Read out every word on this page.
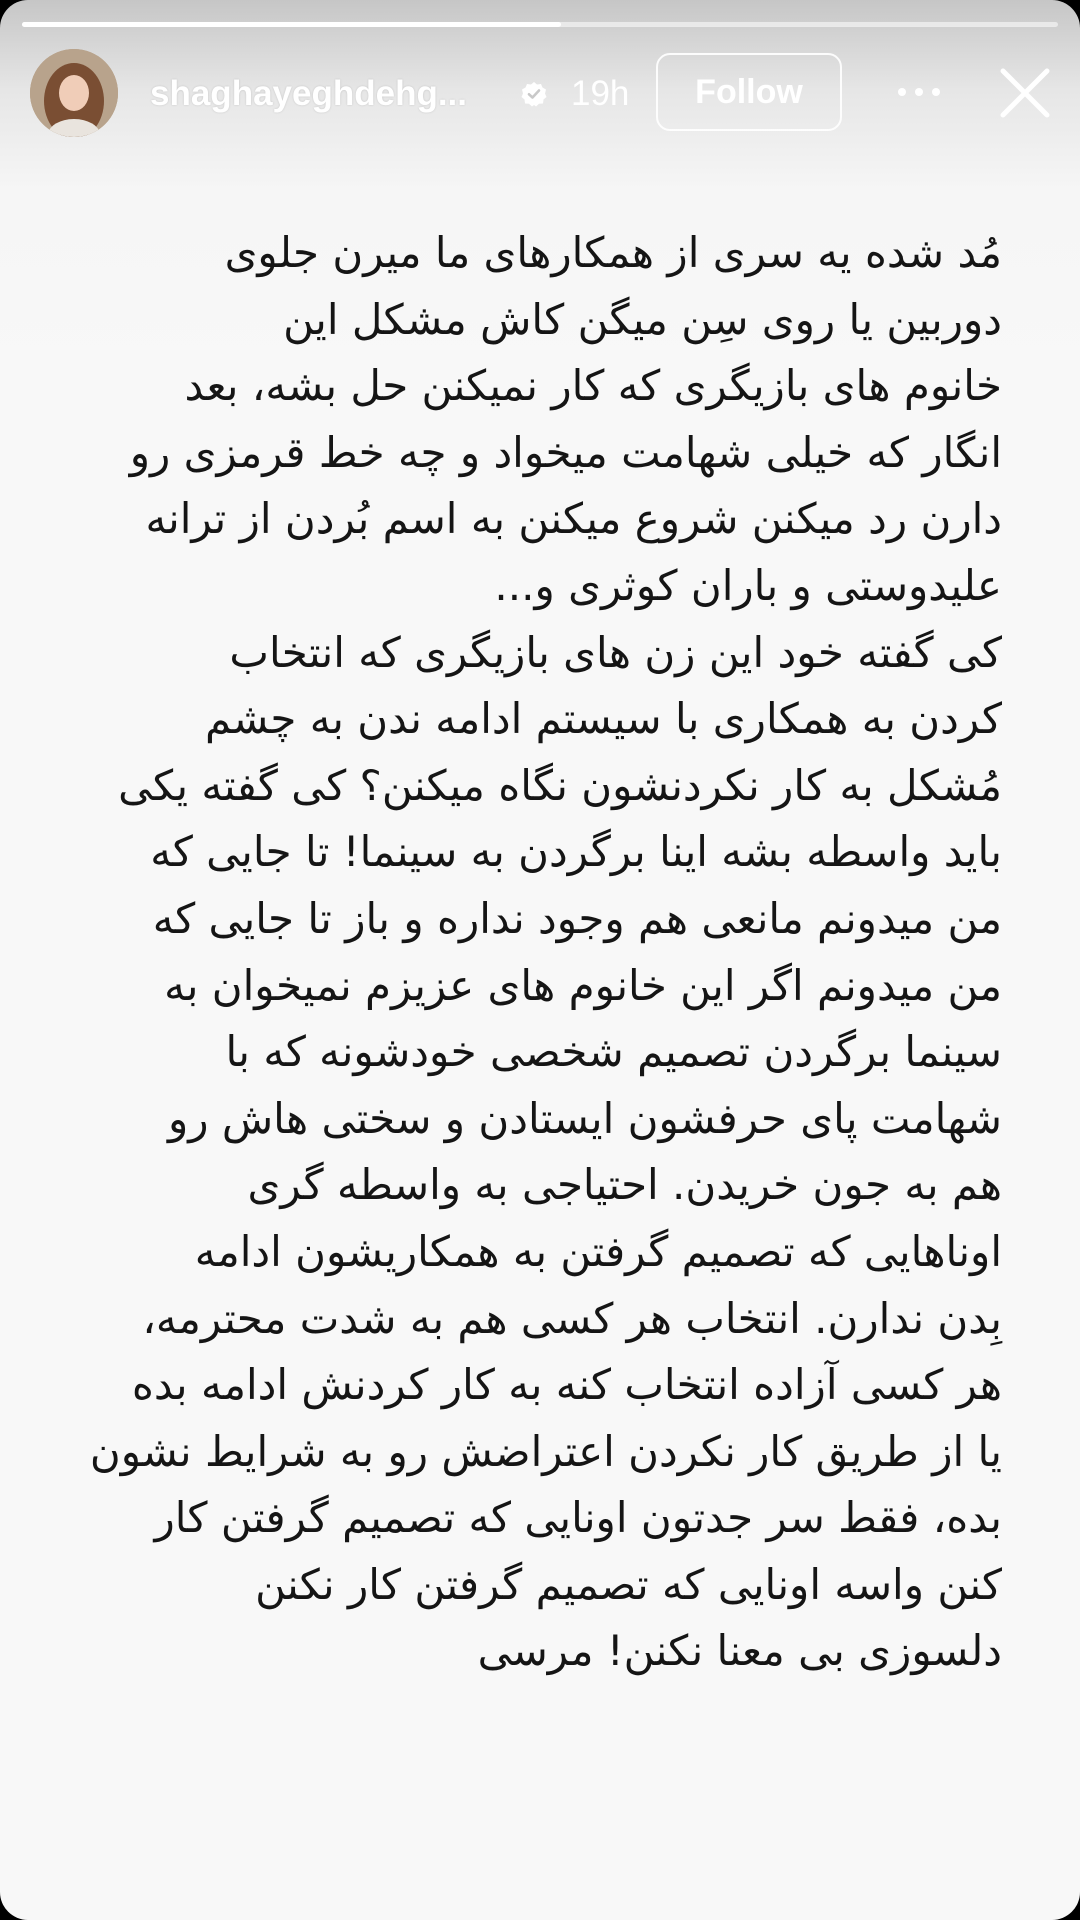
shaghayeghdehg...	19h	Follow
مُد شده یه سری از همکارهای ما میرن جلوی
دوربین یا روی سِن میگن کاش مشکل این
خانوم های بازیگری که کار نمیکنن حل بشه، بعد
انگار که خیلی شهامت میخواد و چه خط قرمزی رو
دارن رد میکنن شروع میکنن به اسم بُردن از ترانه
علیدوستی و باران کوثری و...
کی گفته خود این زن های بازیگری که انتخاب
کردن به همکاری با سیستم ادامه ندن به چشم
مُشکل به کار نکردنشون نگاه میکنن؟ کی گفته یکی
باید واسطه بشه اینا برگردن به سینما! تا جایی که
من میدونم مانعی هم وجود نداره و باز تا جایی که
من میدونم اگر این خانوم های عزیزم نمیخوان به
سینما برگردن تصمیم شخصی خودشونه که با
شهامت پای حرفشون ایستادن و سختی هاش رو
هم به جون خریدن. احتیاجی به واسطه گری
اوناهایی که تصمیم گرفتن به همکاریشون ادامه
بِدن ندارن. انتخاب هر کسی هم به شدت محترمه،
هر کسی آزاده انتخاب کنه به کار کردنش ادامه بده
یا از طریق کار نکردن اعتراضش رو به شرایط نشون
بده، فقط سر جدتون اونایی که تصمیم گرفتن کار
کنن واسه اونایی که تصمیم گرفتن کار نکنن
دلسوزی بی معنا نکنن! مرسی
